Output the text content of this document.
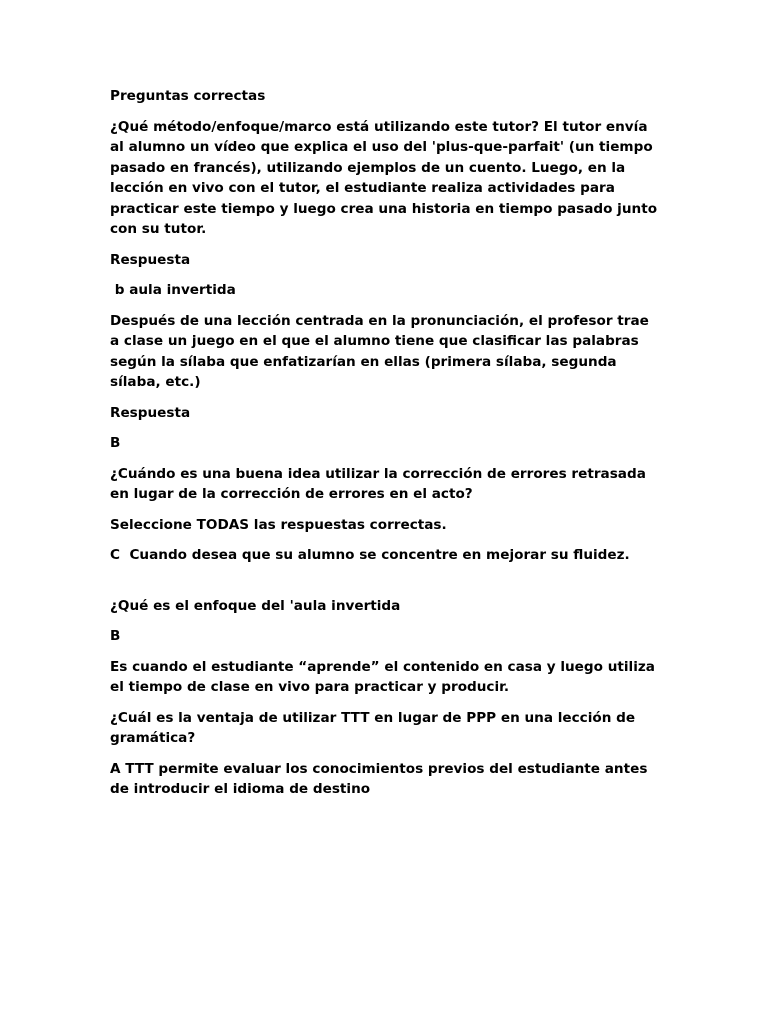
Preguntas correctas

¿Qué método/enfoque/marco está utilizando este tutor? El tutor envía al alumno un vídeo que explica el uso del 'plus-que-parfait' (un tiempo pasado en francés), utilizando ejemplos de un cuento. Luego, en la lección en vivo con el tutor, el estudiante realiza actividades para practicar este tiempo y luego crea una historia en tiempo pasado junto con su tutor.

Respuesta

b aula invertida

Después de una lección centrada en la pronunciación, el profesor trae a clase un juego en el que el alumno tiene que clasificar las palabras según la sílaba que enfatizarían en ellas (primera sílaba, segunda sílaba, etc.)

Respuesta

B

¿Cuándo es una buena idea utilizar la corrección de errores retrasada en lugar de la corrección de errores en el acto?

Seleccione TODAS las respuestas correctas.

C  Cuando desea que su alumno se concentre en mejorar su fluidez.

¿Qué es el enfoque del 'aula invertida

B

Es cuando el estudiante “aprende” el contenido en casa y luego utiliza el tiempo de clase en vivo para practicar y producir.

¿Cuál es la ventaja de utilizar TTT en lugar de PPP en una lección de gramática?

A TTT permite evaluar los conocimientos previos del estudiante antes de introducir el idioma de destino
